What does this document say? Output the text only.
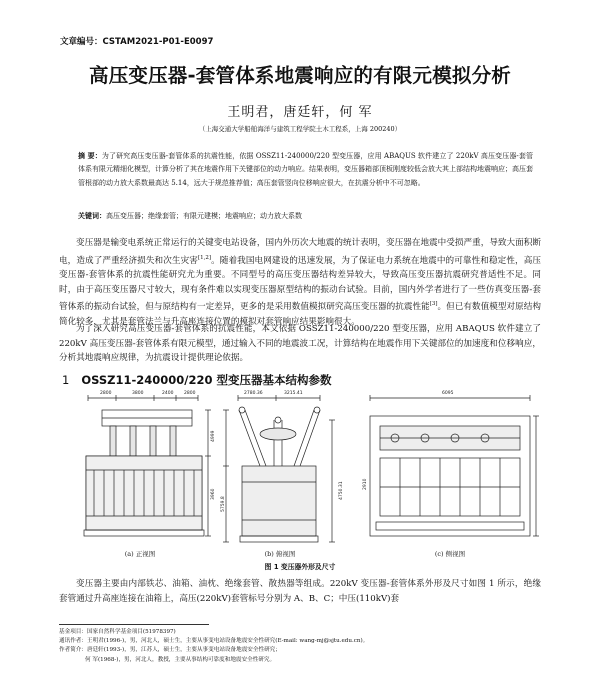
文章编号：CSTAM2021-P01-E0097
高压变压器-套管体系地震响应的有限元模拟分析
王明君，唐廷轩，何 军
（上海交通大学船舶海洋与建筑工程学院土木工程系，上海 200240）
摘 要：为了研究高压变压器-套管体系的抗震性能，依据 OSSZ11-240000/220 型变压器，应用 ABAQUS 软件建立了 220kV 高压变压器-套管体系有限元精细化模型，计算分析了其在地震作用下关键部位的动力响应。结果表明，变压器箱部顶板刚度较低会放大其上部结构地震响应；高压套管根部的动力放大系数最高达 5.14，远大于规范推荐值；高压套管竖向位移响应很大，在抗震分析中不可忽略。
关键词：高压变压器；绝缘套管；有限元建模；地震响应；动力放大系数
变压器是输变电系统正常运行的关键变电站设备，国内外历次大地震的统计表明，变压器在地震中受损严重，导致大面积断电，造成了严重经济损失和次生灾害[1,2]。随着我国电网建设的迅速发展，为了保证电力系统在地震中的可靠性和稳定性，高压变压器-套管体系的抗震性能研究尤为重要。不同型号的高压变压器结构差异较大，导致高压变压器抗震研究普适性不足。同时，由于高压变压器尺寸较大，现有条件难以实现变压器原型结构的振动台试验。目前，国内外学者进行了一些仿真变压器-套管体系的振动台试验，但与原结构有一定差异，更多的是采用数值模拟研究高压变压器的抗震性能[3]。但已有数值模型对原结构简化较多，尤其是套管法兰与升高座连接位置的模拟对套管响应结果影响很大。
为了深入研究高压变压器-套管体系的抗震性能，本文依据 OSSZ11-240000/220 型变压器，应用 ABAQUS 软件建立了220kV 高压变压器-套管体系有限元模型，通过输入不同的地震波工况，计算结构在地震作用下关键部位的加速度和位移响应，分析其地震响应规律，为抗震设计提供理论依据。
1 OSSZ11-240000/220 型变压器基本结构参数
2800	3800	2400 2800	2780.36	3215.41	6095
3960
4999
5759.8
4750.31	2910
(a) 正视图	(b) 俯视图	(c) 侧视图
图 1 变压器外形及尺寸
变压器主要由内部铁芯、油箱、油枕、绝缘套管、散热器等组成。220kV 变压器-套管体系外形及尺寸如图 1 所示，绝缘套管通过升高座连接在油箱上，高压(220kV)套管标号分别为 A、B、C；中压(110kV)套
基金项目：国家自然科学基金项目(51978397)
通讯作者：王明君(1996-)，男，河北人，硕士生，主要从事变电站设备地震安全性研究(E-mail: wang-mj@sjtu.edu.cn)。
作者简介：唐廷轩(1993-)，男，江苏人，硕士生，主要从事变电站设备地震安全性研究；
何 军(1968-)，男，河北人，教授，主要从事结构可靠度和地震安全性研究。
